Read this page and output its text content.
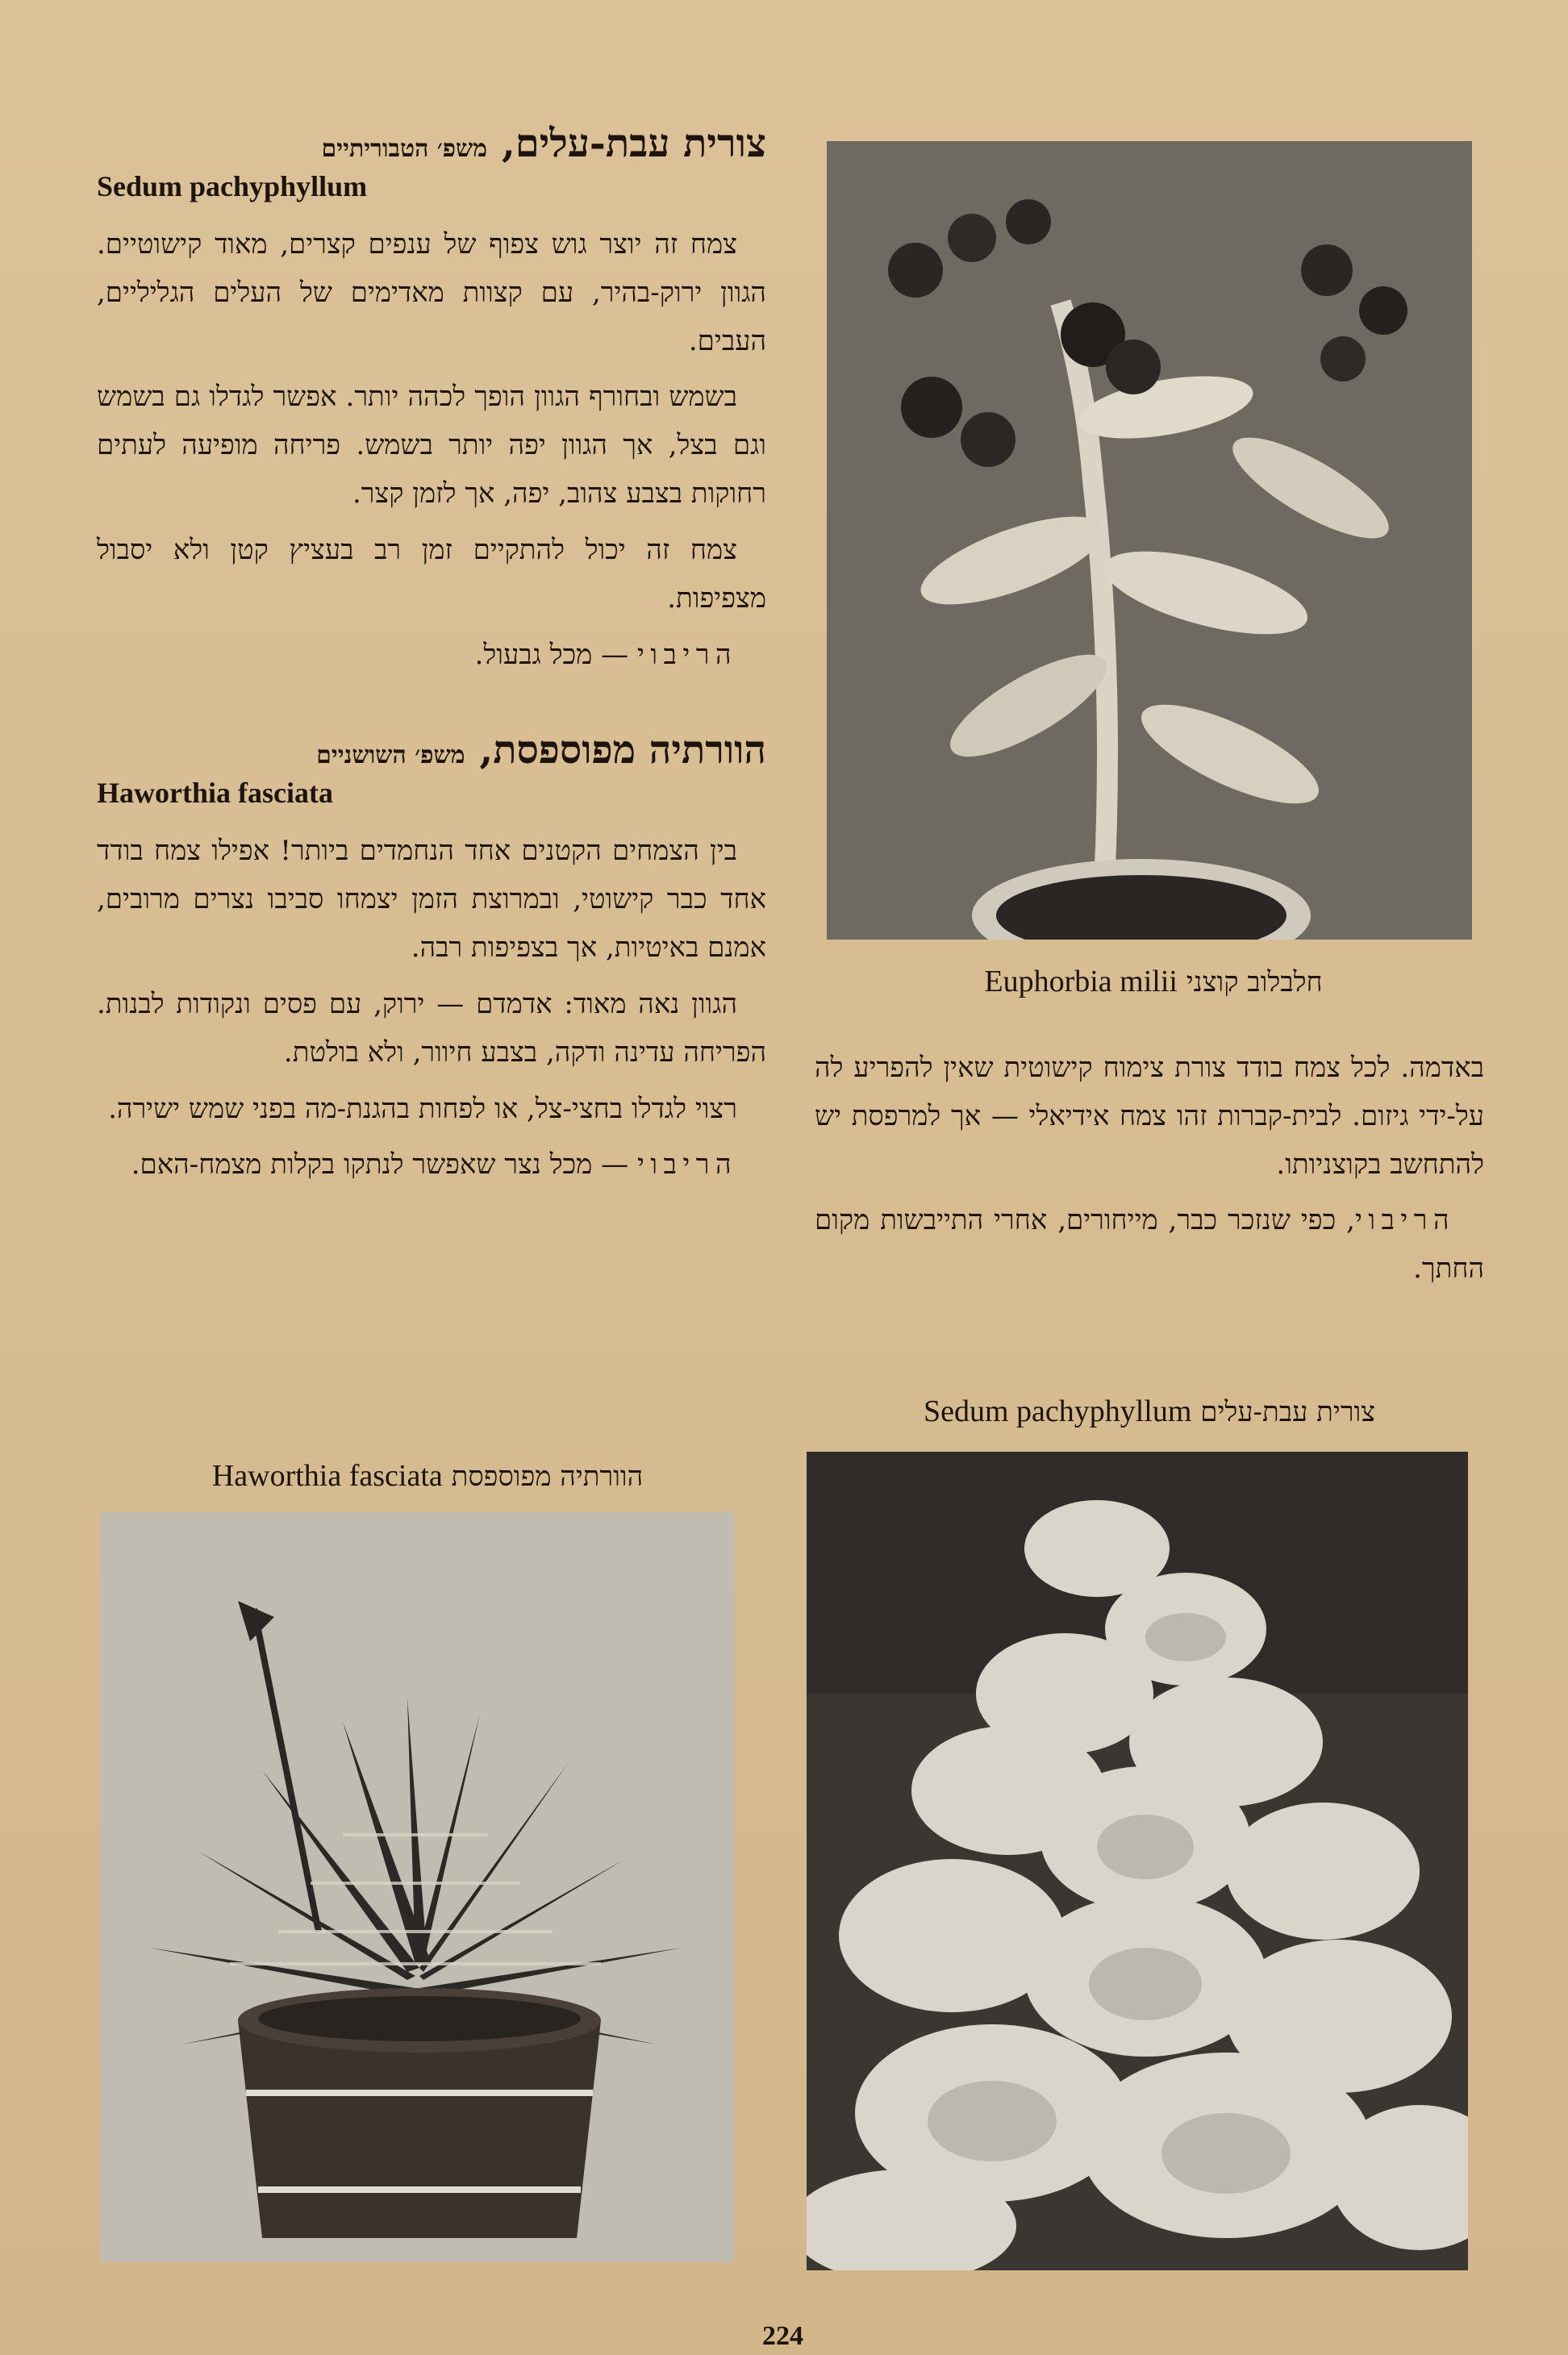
צורית עבת-עלים,
משפ׳ הטבוריתיים
Sedum pachyphyllum

צמח זה יוצר גוש צפוף של ענפים קצרים, מאוד קישוטיים. הגוון ירוק-בהיר, עם קצוות מאדימים של העלים הגליליים, העבים.

בשמש ובחורף הגוון הופך לכהה יותר. אפשר לגדלו גם בשמש וגם בצל, אך הגוון יפה יותר בשמש. פריחה מופיעה לעתים רחוקות בצבע צהוב, יפה, אך לזמן קצר.

צמח זה יכול להתקיים זמן רב בעציץ קטן ולא יסבול מצפיפות.

הריבוי — מכל גבעול.

הוורתיה מפוספסת,
משפ׳ השושניים
Haworthia fasciata

בין הצמחים הקטנים אחד הנחמדים ביותר! אפילו צמח בודד אחד כבר קישוטי, ובמרוצת הזמן יצמחו סביבו נצרים מרובים, אמנם באיטיות, אך בצפיפות רבה.

הגוון נאה מאוד: אדמדם — ירוק, עם פסים ונקודות לבנות. הפריחה עדינה ודקה, בצבע חיוור, ולא בולטת.

רצוי לגדלו בחצי-צל, או לפחות בהגנת-מה בפני שמש ישירה.

הריבוי — מכל נצר שאפשר לנתקו בקלות מצמח-האם.

Euphorbia milii חלבלוב קוצני

באדמה. לכל צמח בודד צורת צימוח קישוטית שאין להפריע לה על-ידי גיזום. לבית-קברות זהו צמח אידיאלי — אך למרפסת יש להתחשב בקוצניותו.

הריבוי, כפי שנזכר כבר, מייחורים, אחרי התייבשות מקום החתך.

Sedum pachyphyllum צורית עבת-עלים
Haworthia fasciata הוורתיה מפוספסת
224
